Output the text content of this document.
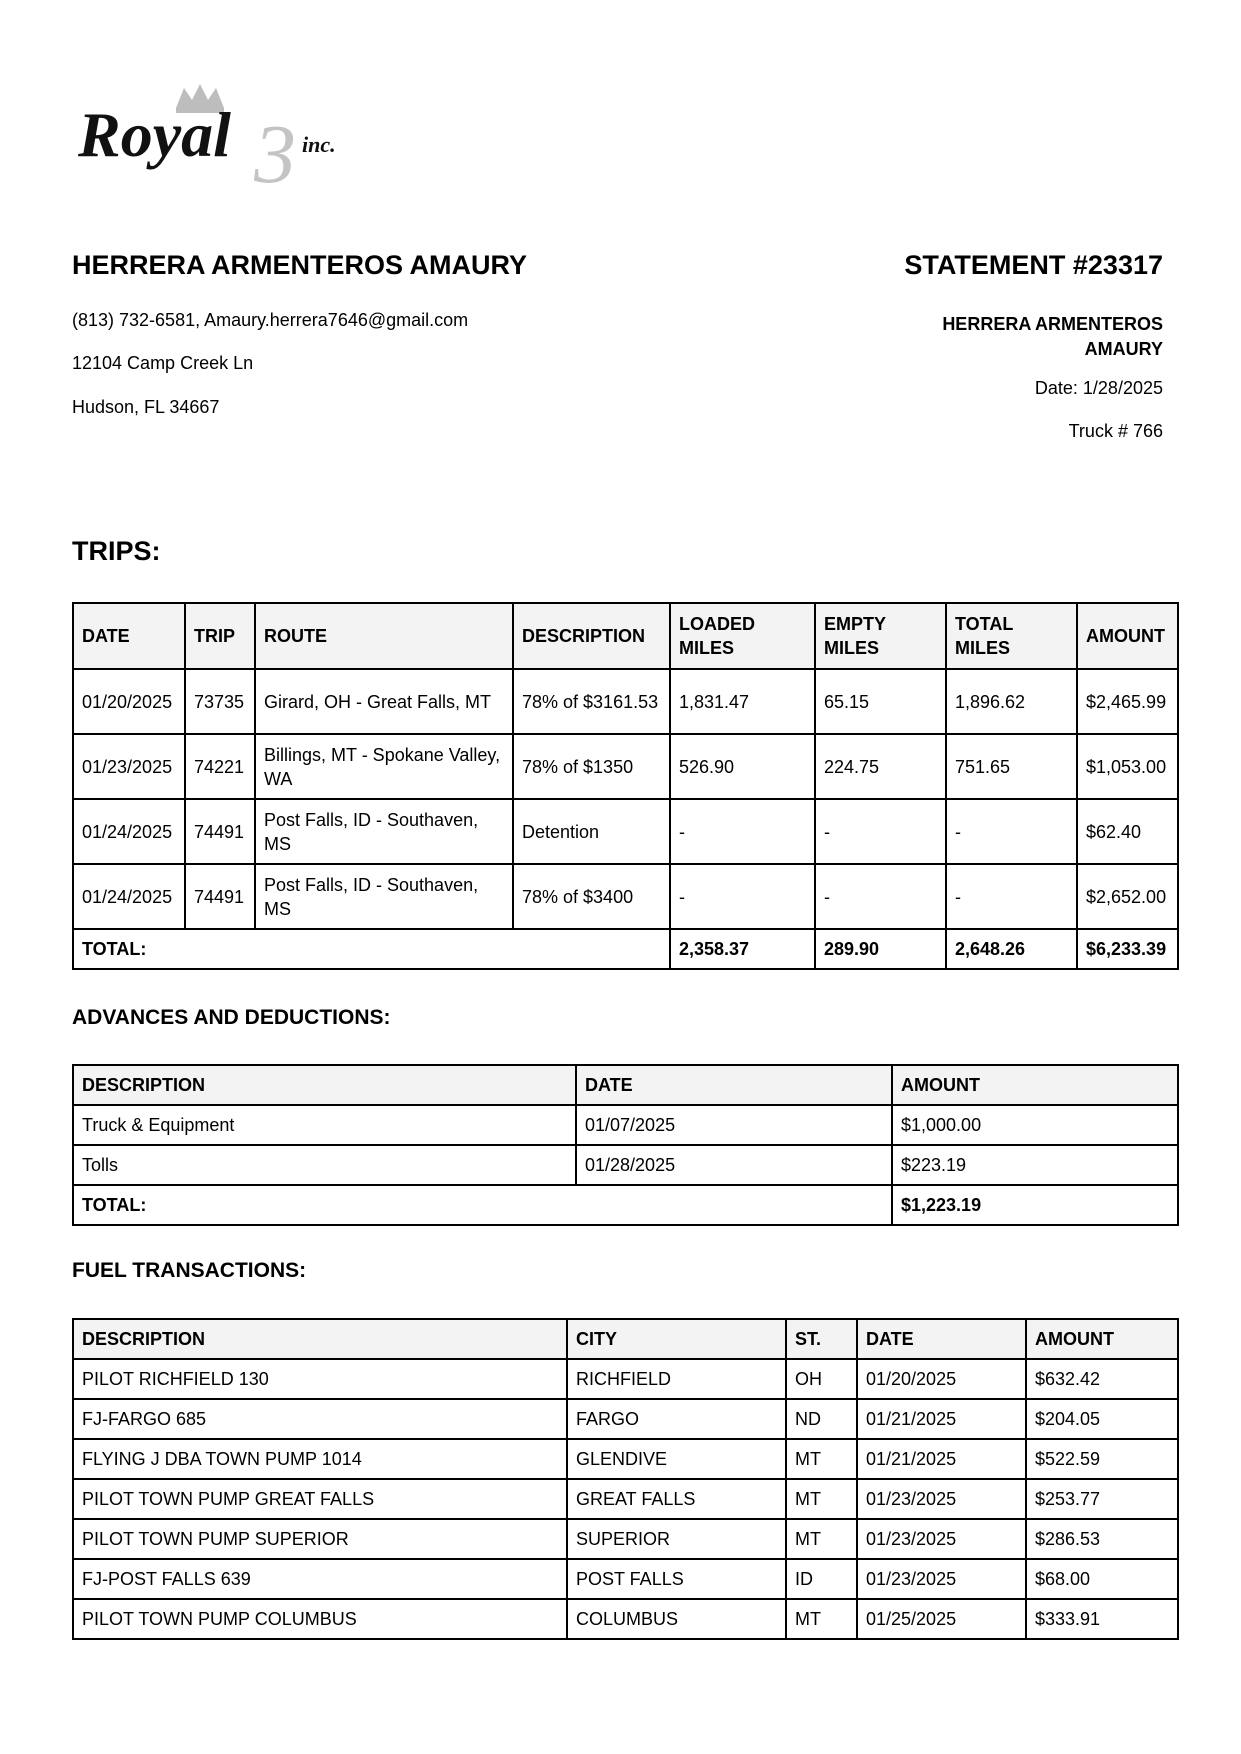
3
Royal	inc.
HERRERA ARMENTEROS AMAURY
(813) 732-6581, Amaury.herrera7646@gmail.com
12104 Camp Creek Ln
Hudson, FL 34667
STATEMENT #23317
HERRERA ARMENTEROS
AMAURY
Date: 1/28/2025
Truck # 766
TRIPS:
DATE	TRIP	ROUTE	DESCRIPTION	LOADED MILES	EMPTY MILES	TOTAL MILES	AMOUNT
01/20/2025	73735	Girard, OH - Great Falls, MT	78% of $3161.53	1,831.47	65.15	1,896.62	$2,465.99
01/23/2025	74221	Billings, MT - Spokane Valley, WA	78% of $1350	526.90	224.75	751.65	$1,053.00
01/24/2025	74491	Post Falls, ID - Southaven, MS	Detention	-	-	-	$62.40
01/24/2025	74491	Post Falls, ID - Southaven, MS	78% of $3400	-	-	-	$2,652.00
TOTAL:				2,358.37	289.90	2,648.26	$6,233.39
ADVANCES AND DEDUCTIONS:
DESCRIPTION	DATE	AMOUNT
Truck & Equipment	01/07/2025	$1,000.00
Tolls	01/28/2025	$223.19
TOTAL:		$1,223.19
FUEL TRANSACTIONS:
DESCRIPTION	CITY	ST.	DATE	AMOUNT
PILOT RICHFIELD 130	RICHFIELD	OH	01/20/2025	$632.42
FJ-FARGO 685	FARGO	ND	01/21/2025	$204.05
FLYING J DBA TOWN PUMP 1014	GLENDIVE	MT	01/21/2025	$522.59
PILOT TOWN PUMP GREAT FALLS	GREAT FALLS	MT	01/23/2025	$253.77
PILOT TOWN PUMP SUPERIOR	SUPERIOR	MT	01/23/2025	$286.53
FJ-POST FALLS 639	POST FALLS	ID	01/23/2025	$68.00
PILOT TOWN PUMP COLUMBUS	COLUMBUS	MT	01/25/2025	$333.91
